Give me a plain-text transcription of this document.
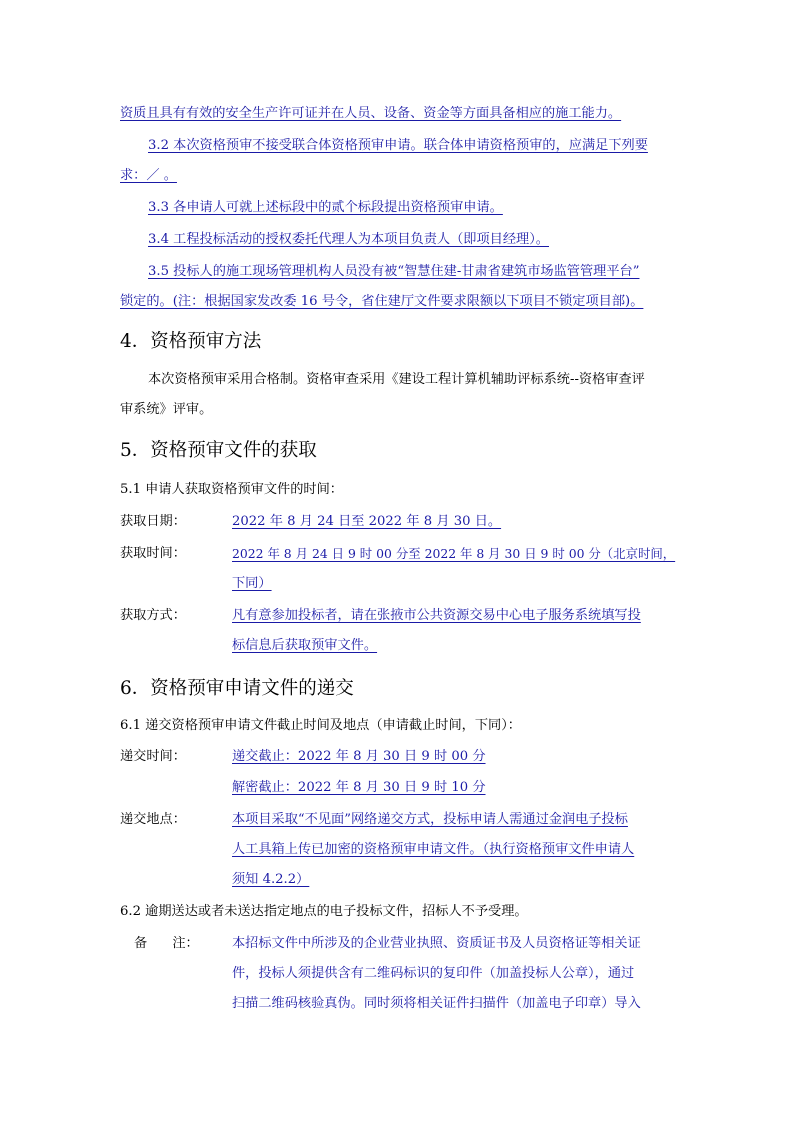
资质且具有有效的安全生产许可证并在人员、设备、资金等方面具备相应的施工能力。
3.2 本次资格预审不接受联合体资格预审申请。联合体申请资格预审的，应满足下列要
求：／ 。
3.3 各申请人可就上述标段中的贰个标段提出资格预审申请。
3.4 工程投标活动的授权委托代理人为本项目负责人（即项目经理）。
3.5 投标人的施工现场管理机构人员没有被“智慧住建-甘肃省建筑市场监管管理平台”
锁定的。(注：根据国家发改委 16 号令，省住建厅文件要求限额以下项目不锁定项目部)。
4．资格预审方法
本次资格预审采用合格制。资格审查采用《建设工程计算机辅助评标系统--资格审查评
审系统》评审。
5．资格预审文件的获取
5.1 申请人获取资格预审文件的时间：
获取日期：	2022 年 8 月 24 日至 2022 年 8 月 30 日。
获取时间：	2022 年 8 月 24 日 9 时 00 分至 2022 年 8 月 30 日 9 时 00 分（北京时间，
下同）
获取方式：	凡有意参加投标者，请在张掖市公共资源交易中心电子服务系统填写投
标信息后获取预审文件。
6．资格预审申请文件的递交
6.1 递交资格预审申请文件截止时间及地点（申请截止时间，下同）：
递交时间：	递交截止：2022 年 8 月 30 日 9 时 00 分
解密截止：2022 年 8 月 30 日 9 时 10 分
递交地点：	本项目采取“不见面”网络递交方式，投标申请人需通过金润电子投标
人工具箱上传已加密的资格预审申请文件。（执行资格预审文件申请人
须知 4.2.2）
6.2 逾期送达或者未送达指定地点的电子投标文件，招标人不予受理。
备      注：	本招标文件中所涉及的企业营业执照、资质证书及人员资格证等相关证
件，投标人须提供含有二维码标识的复印件（加盖投标人公章），通过
扫描二维码核验真伪。同时须将相关证件扫描件（加盖电子印章）导入
